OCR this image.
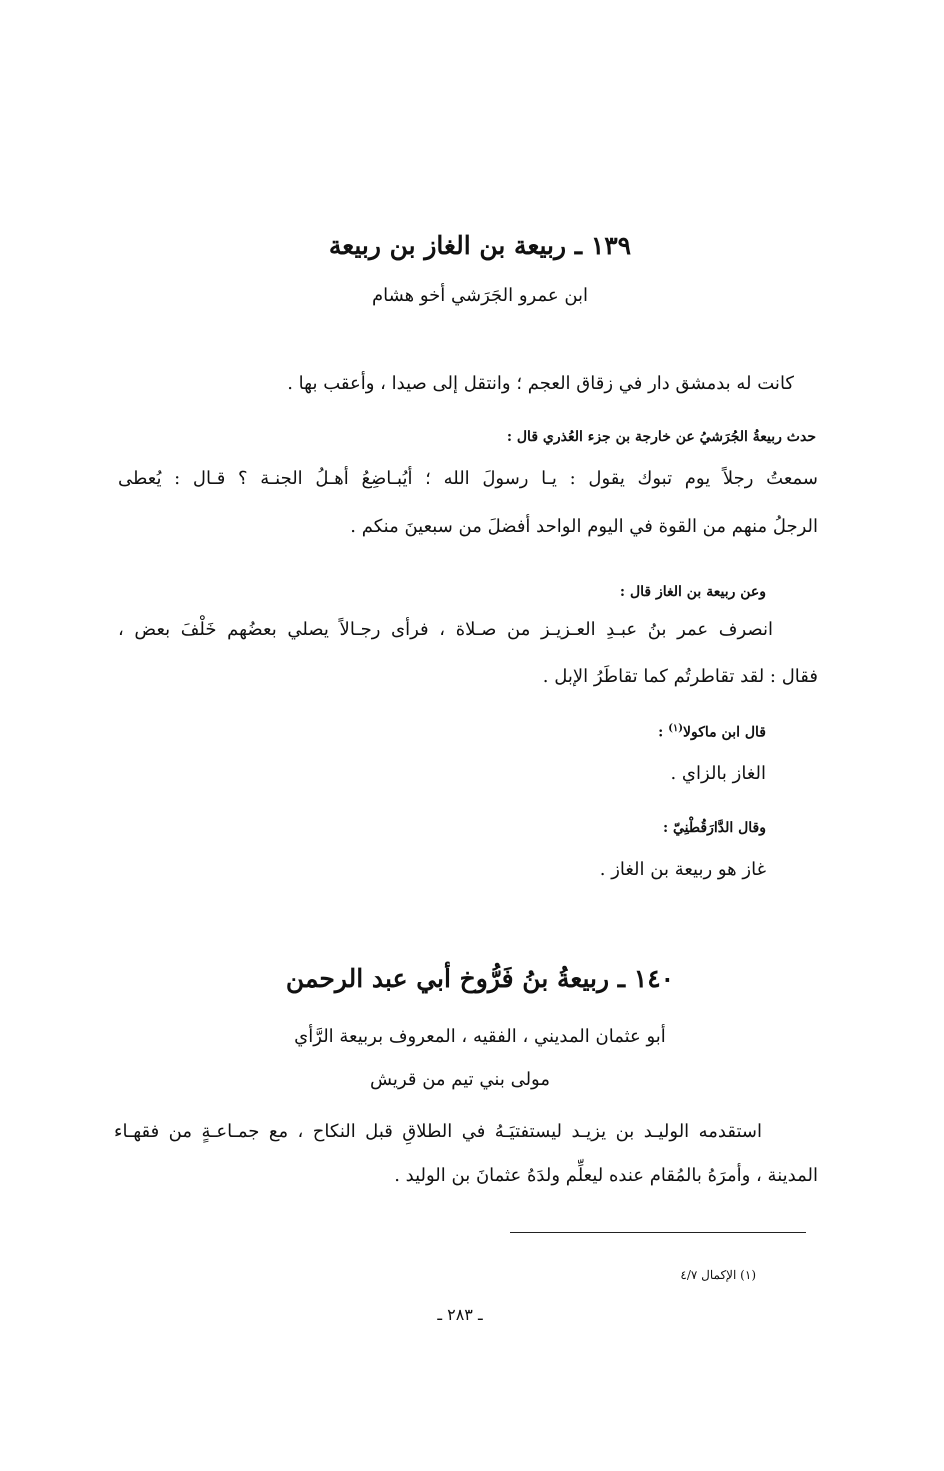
١٣٩ ـ ربيعة بن الغاز بن ربيعة
ابن عمرو الجَرَشي أخو هشام
كانت له بدمشق دار في زقاق العجم ؛ وانتقل إلى صيدا ، وأعقب بها .
حدث ربيعةُ الجُرَشيُ عن خارجة بن جزء العُذري قال :
سمعتُ رجلاً يوم تبوك يقول : يـا رسولَ الله ؛ أيُبـاضِعُ أهـلُ الجنـة ؟ قـال : يُعطى
الرجلُ منهم من القوة في اليوم الواحد أفضلَ من سبعينَ منكم .
وعن ربيعة بن الغاز قال :
انصرف عمر بنُ عبـدِ العـزيـز من صـلاة ، فرأى رجـالاً يصلي بعضُهم خَلْفَ بعض ،
فقال : لقد تقاطرتُم كما تقاطَرُ الإبل .
قال ابن ماكولا$^{(١)}$ :
الغاز بالزاي .
وقال الدَّارَقُطْنِيّ :
غاز هو ربيعة بن الغاز .
١٤٠ ـ ربيعةُ بنُ فَرُّوخ أبي عبد الرحمن
أبو عثمان المديني ، الفقيه ، المعروف بربيعة الرَّأي
مولى بني تيم من قريش
استقدمه الوليـد بن يزيـد ليستفتيَـهُ في الطلاقِ قبل النكاح ، مع جمـاعـةٍ من فقهـاء
المدينة ، وأمرَهُ بالمُقام عنده ليعلِّم ولدَهُ عثمانَ بن الوليد .
(١) الإكمال ٤/٧
ـ ٢٨٣ ـ
